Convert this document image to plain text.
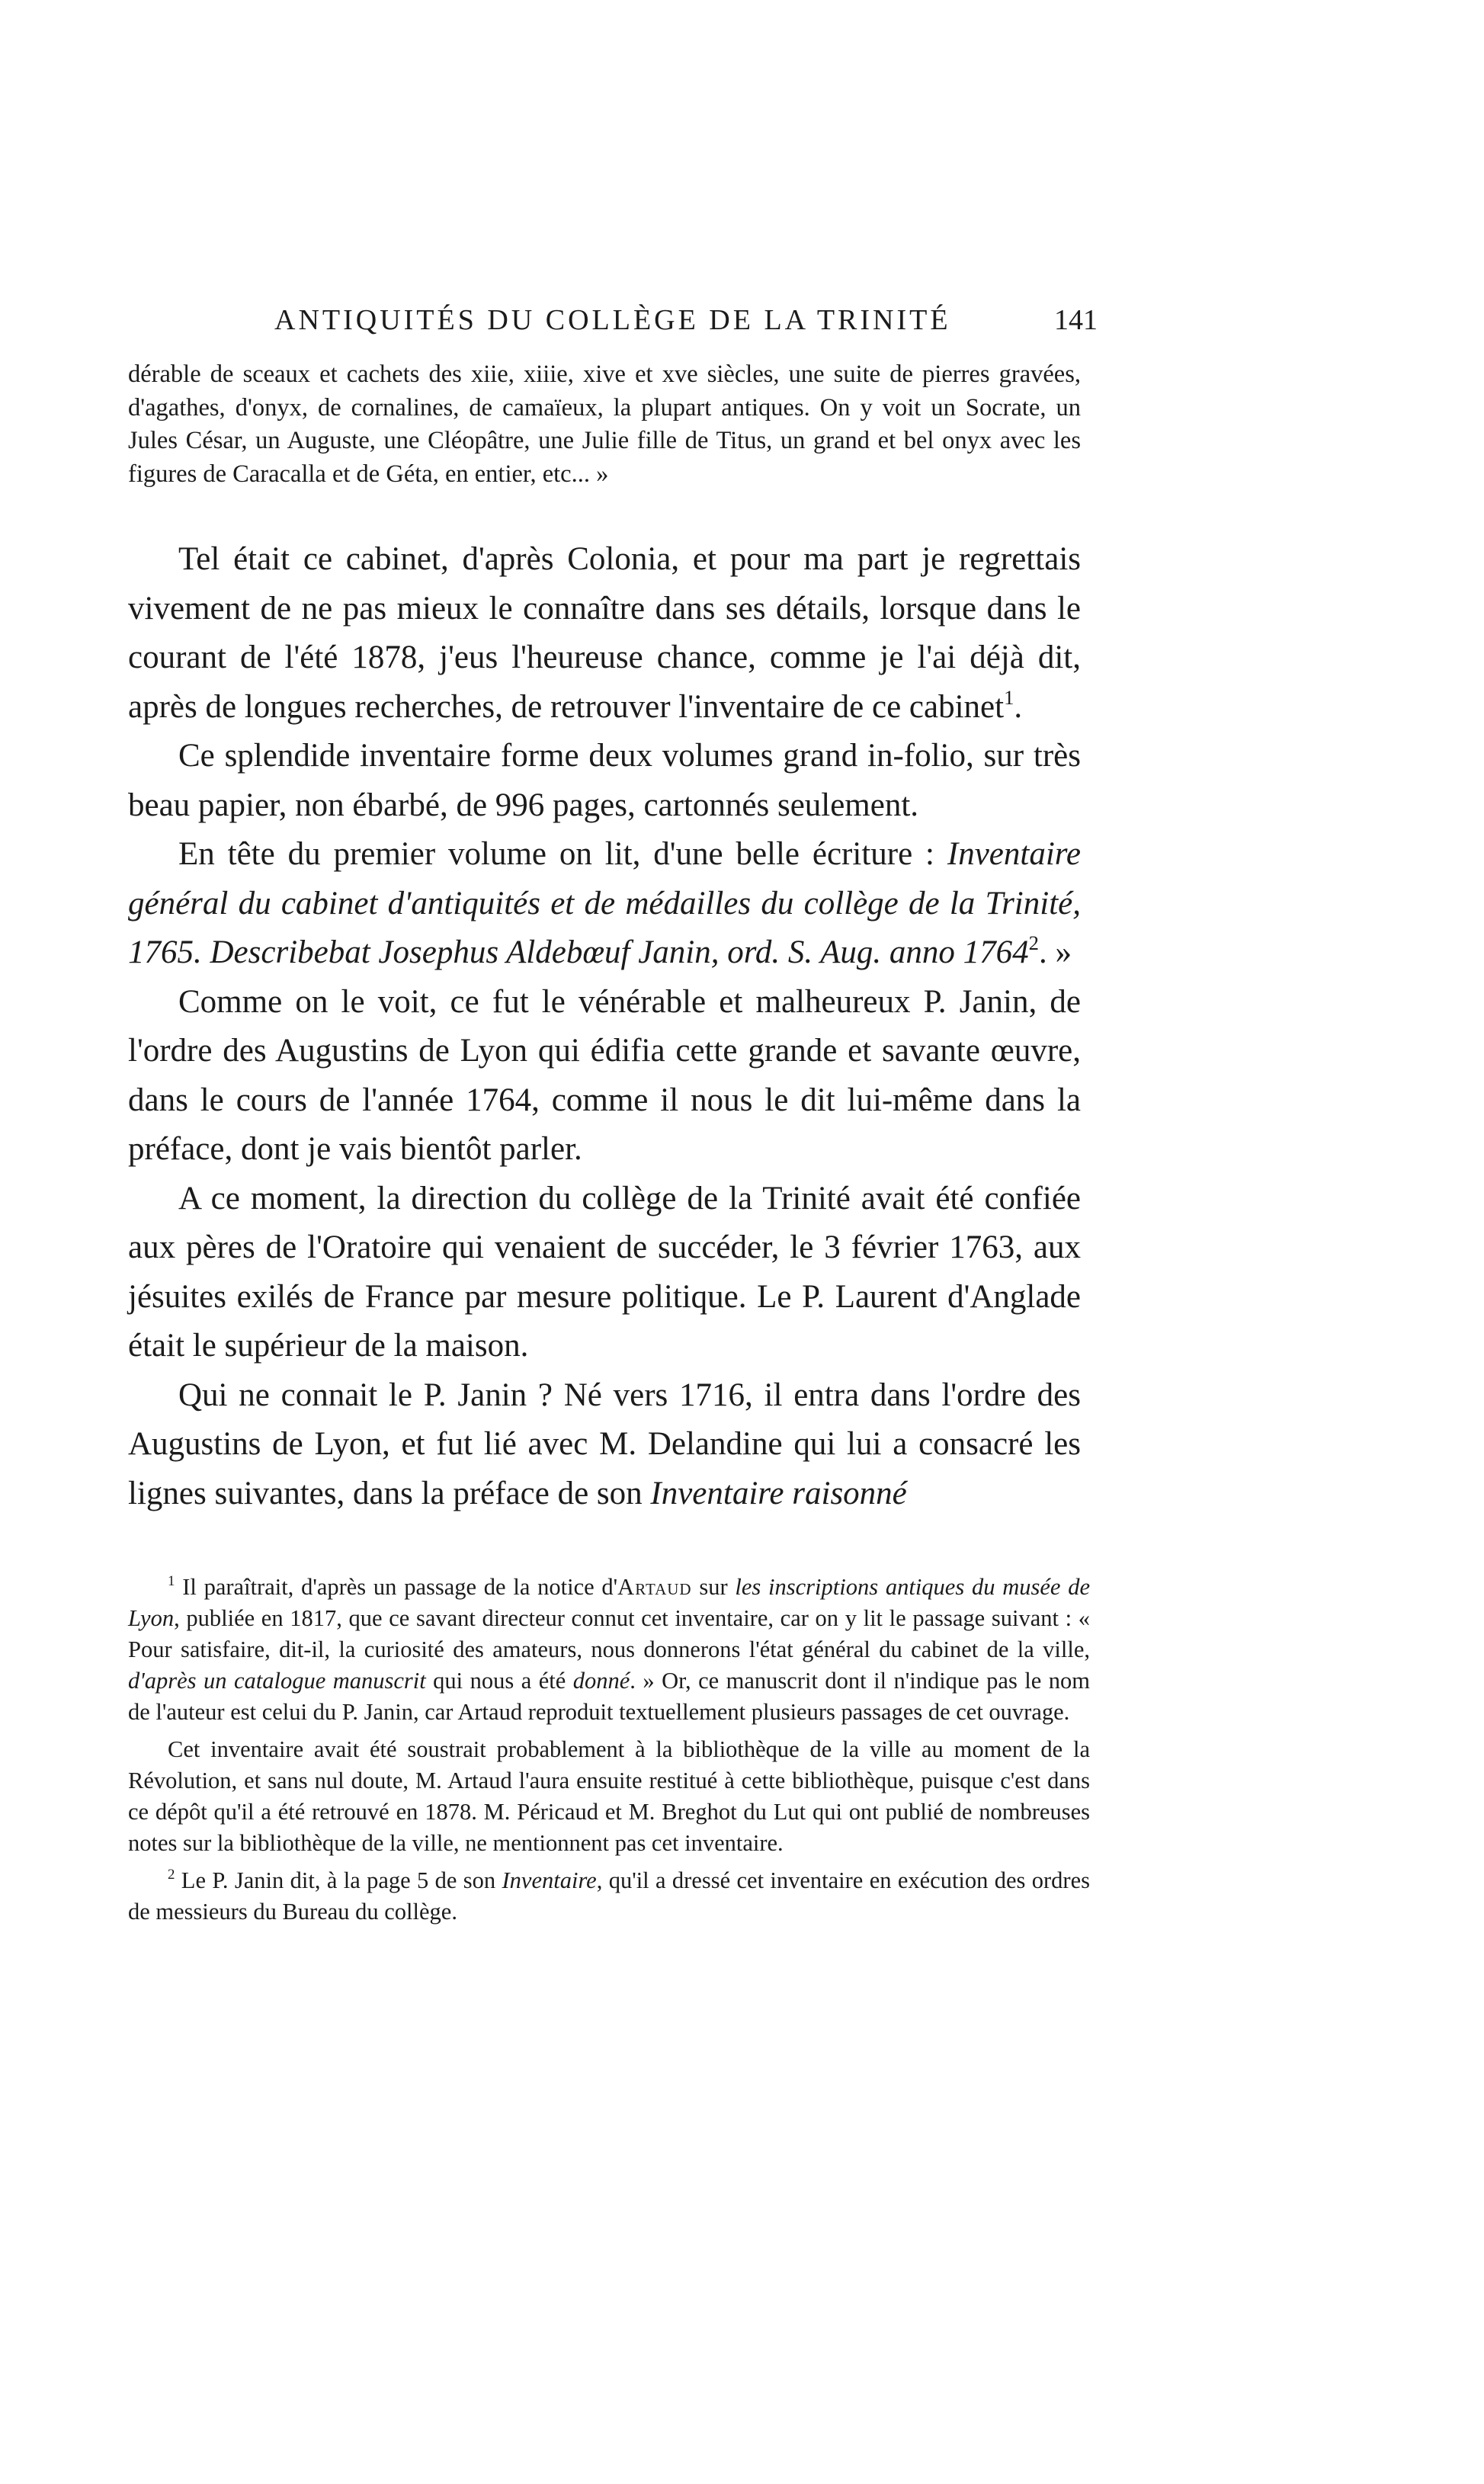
ANTIQUITÉS DU COLLÈGE DE LA TRINITÉ	141

dérable de sceaux et cachets des xiie, xiiie, xive et xve siècles, une suite de pierres gravées, d'agathes, d'onyx, de cornalines, de camaïeux, la plupart antiques. On y voit un Socrate, un Jules César, un Auguste, une Cléopâtre, une Julie fille de Titus, un grand et bel onyx avec les figures de Caracalla et de Géta, en entier, etc... »

Tel était ce cabinet, d'après Colonia, et pour ma part je regrettais vivement de ne pas mieux le connaître dans ses détails, lorsque dans le courant de l'été 1878, j'eus l'heureuse chance, comme je l'ai déjà dit, après de longues recherches, de retrouver l'inventaire de ce cabinet$^1$.

Ce splendide inventaire forme deux volumes grand in-folio, sur très beau papier, non ébarbé, de 996 pages, cartonnés seulement.

En tête du premier volume on lit, d'une belle écriture : Inventaire général du cabinet d'antiquités et de médailles du collège de la Trinité, 1765. Describebat Josephus Aldebœuf Janin, ord. S. Aug. anno 1764$^2$. »

Comme on le voit, ce fut le vénérable et malheureux P. Janin, de l'ordre des Augustins de Lyon qui édifia cette grande et savante œuvre, dans le cours de l'année 1764, comme il nous le dit lui-même dans la préface, dont je vais bientôt parler.

A ce moment, la direction du collège de la Trinité avait été confiée aux pères de l'Oratoire qui venaient de succéder, le 3 février 1763, aux jésuites exilés de France par mesure politique. Le P. Laurent d'Anglade était le supérieur de la maison.

Qui ne connait le P. Janin ? Né vers 1716, il entra dans l'ordre des Augustins de Lyon, et fut lié avec M. Delandine qui lui a consacré les lignes suivantes, dans la préface de son Inventaire raisonné

$^1$ Il paraîtrait, d'après un passage de la notice d'Artaud sur les inscriptions antiques du musée de Lyon, publiée en 1817, que ce savant directeur connut cet inventaire, car on y lit le passage suivant : « Pour satisfaire, dit-il, la curiosité des amateurs, nous donnerons l'état général du cabinet de la ville, d'après un catalogue manuscrit qui nous a été donné. » Or, ce manuscrit dont il n'indique pas le nom de l'auteur est celui du P. Janin, car Artaud reproduit textuellement plusieurs passages de cet ouvrage.

Cet inventaire avait été soustrait probablement à la bibliothèque de la ville au moment de la Révolution, et sans nul doute, M. Artaud l'aura ensuite restitué à cette bibliothèque, puisque c'est dans ce dépôt qu'il a été retrouvé en 1878. M. Péricaud et M. Breghot du Lut qui ont publié de nombreuses notes sur la bibliothèque de la ville, ne mentionnent pas cet inventaire.

$^2$ Le P. Janin dit, à la page 5 de son Inventaire, qu'il a dressé cet inventaire en exécution des ordres de messieurs du Bureau du collège.
